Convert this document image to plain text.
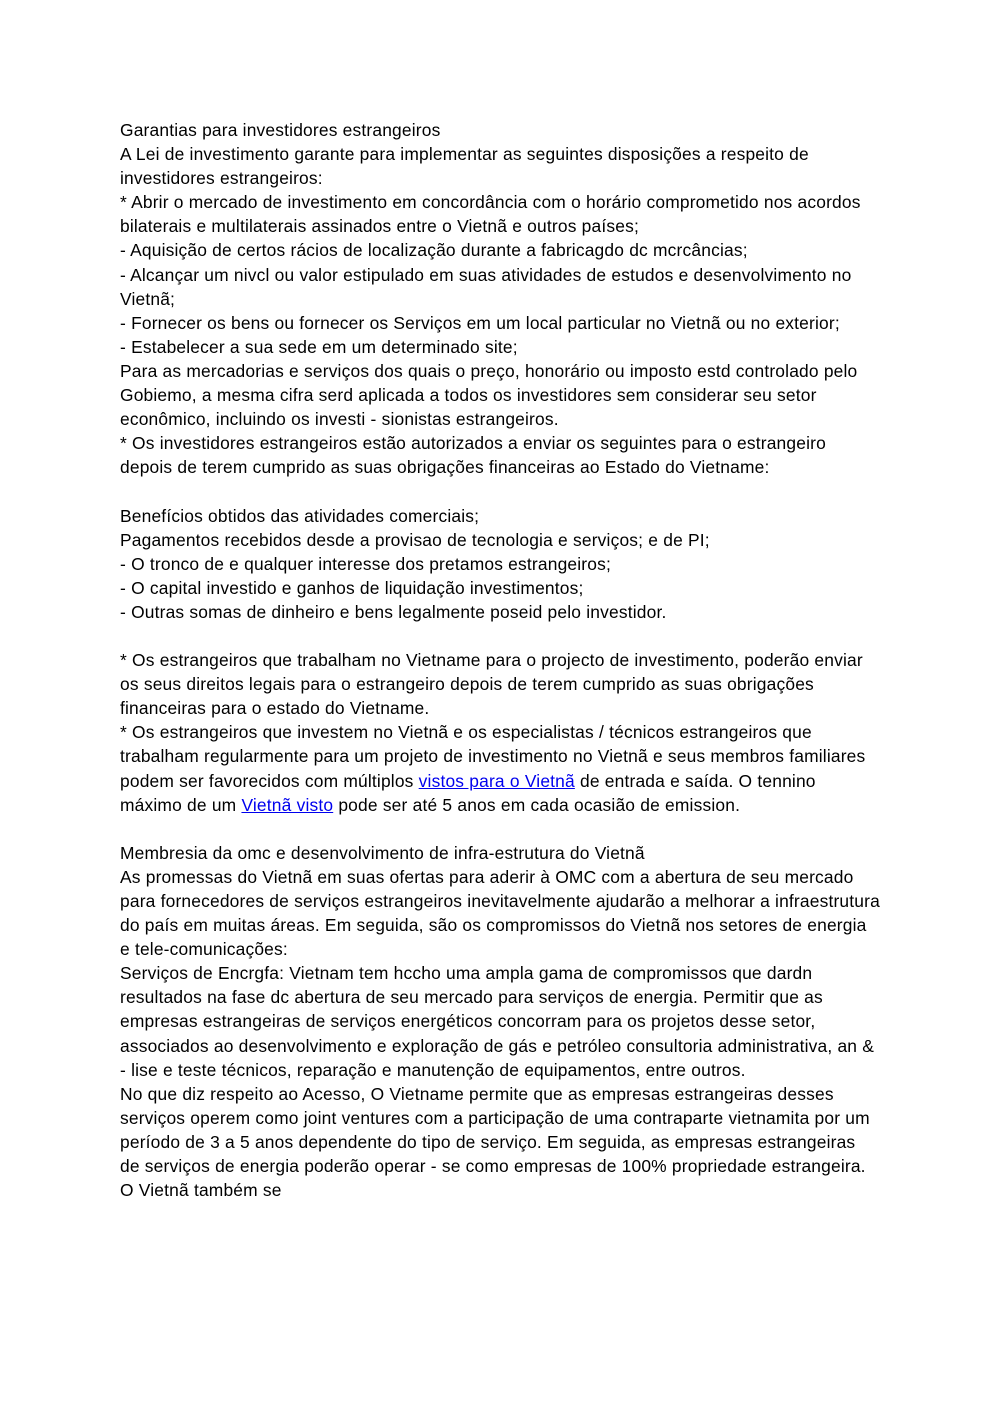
Garantias para investidores estrangeiros

A Lei de investimento garante para implementar as seguintes disposições a respeito de investidores estrangeiros:

* Abrir o mercado de investimento em concordância com o horário comprometido nos acordos bilaterais e multilaterais assinados entre o Vietnã e outros países;

- Aquisição de certos rácios de localização durante a fabricagdo dc mcrcâncias;

- Alcançar um nivcl ou valor estipulado em suas atividades de estudos e desenvolvimento no Vietnã;

- Fornecer os bens ou fornecer os Serviços em um local particular no Vietnã ou no exterior;

- Estabelecer a sua sede em um determinado site;

Para as mercadorias e serviços dos quais o preço, honorário ou imposto estd controlado pelo Gobiemo, a mesma cifra serd aplicada a todos os investidores sem considerar seu setor econômico, incluindo os investi - sionistas estrangeiros.

* Os investidores estrangeiros estão autorizados a enviar os seguintes para o estrangeiro depois de terem cumprido as suas obrigações financeiras ao Estado do Vietname:

Benefícios obtidos das atividades comerciais;

Pagamentos recebidos desde a provisao de tecnologia e serviços; e de PI;

- O tronco de e qualquer interesse dos pretamos estrangeiros;

- O capital investido e ganhos de liquidação investimentos;

- Outras somas de dinheiro e bens legalmente poseid pelo investidor.

* Os estrangeiros que trabalham no Vietname para o projecto de investimento, poderão enviar os seus direitos legais para o estrangeiro depois de terem cumprido as suas obrigações financeiras para o estado do Vietname.

* Os estrangeiros que investem no Vietnã e os especialistas / técnicos estrangeiros que trabalham regularmente para um projeto de investimento no Vietnã e seus membros familiares podem ser favorecidos com múltiplos vistos para o Vietnã de entrada e saída. O tennino máximo de um Vietnã visto pode ser até 5 anos em cada ocasião de emission.

Membresia da omc e desenvolvimento de infra-estrutura do Vietnã

As promessas do Vietnã em suas ofertas para aderir à OMC com a abertura de seu mercado para fornecedores de serviços estrangeiros inevitavelmente ajudarão a melhorar a infraestrutura do país em muitas áreas. Em seguida, são os compromissos do Vietnã nos setores de energia e tele-comunicações:

Serviços de Encrgfa: Vietnam tem hccho uma ampla gama de compromissos que dardn resultados na fase dc abertura de seu mercado para serviços de energia. Permitir que as empresas estrangeiras de serviços energéticos concorram para os projetos desse setor, associados ao desenvolvimento e exploração de gás e petróleo consultoria administrativa, an & - lise e teste técnicos, reparação e manutenção de equipamentos, entre outros.

No que diz respeito ao Acesso, O Vietname permite que as empresas estrangeiras desses serviços operem como joint ventures com a participação de uma contraparte vietnamita por um período de 3 a 5 anos dependente do tipo de serviço. Em seguida, as empresas estrangeiras de serviços de energia poderão operar - se como empresas de 100% propriedade estrangeira. O Vietnã também se
